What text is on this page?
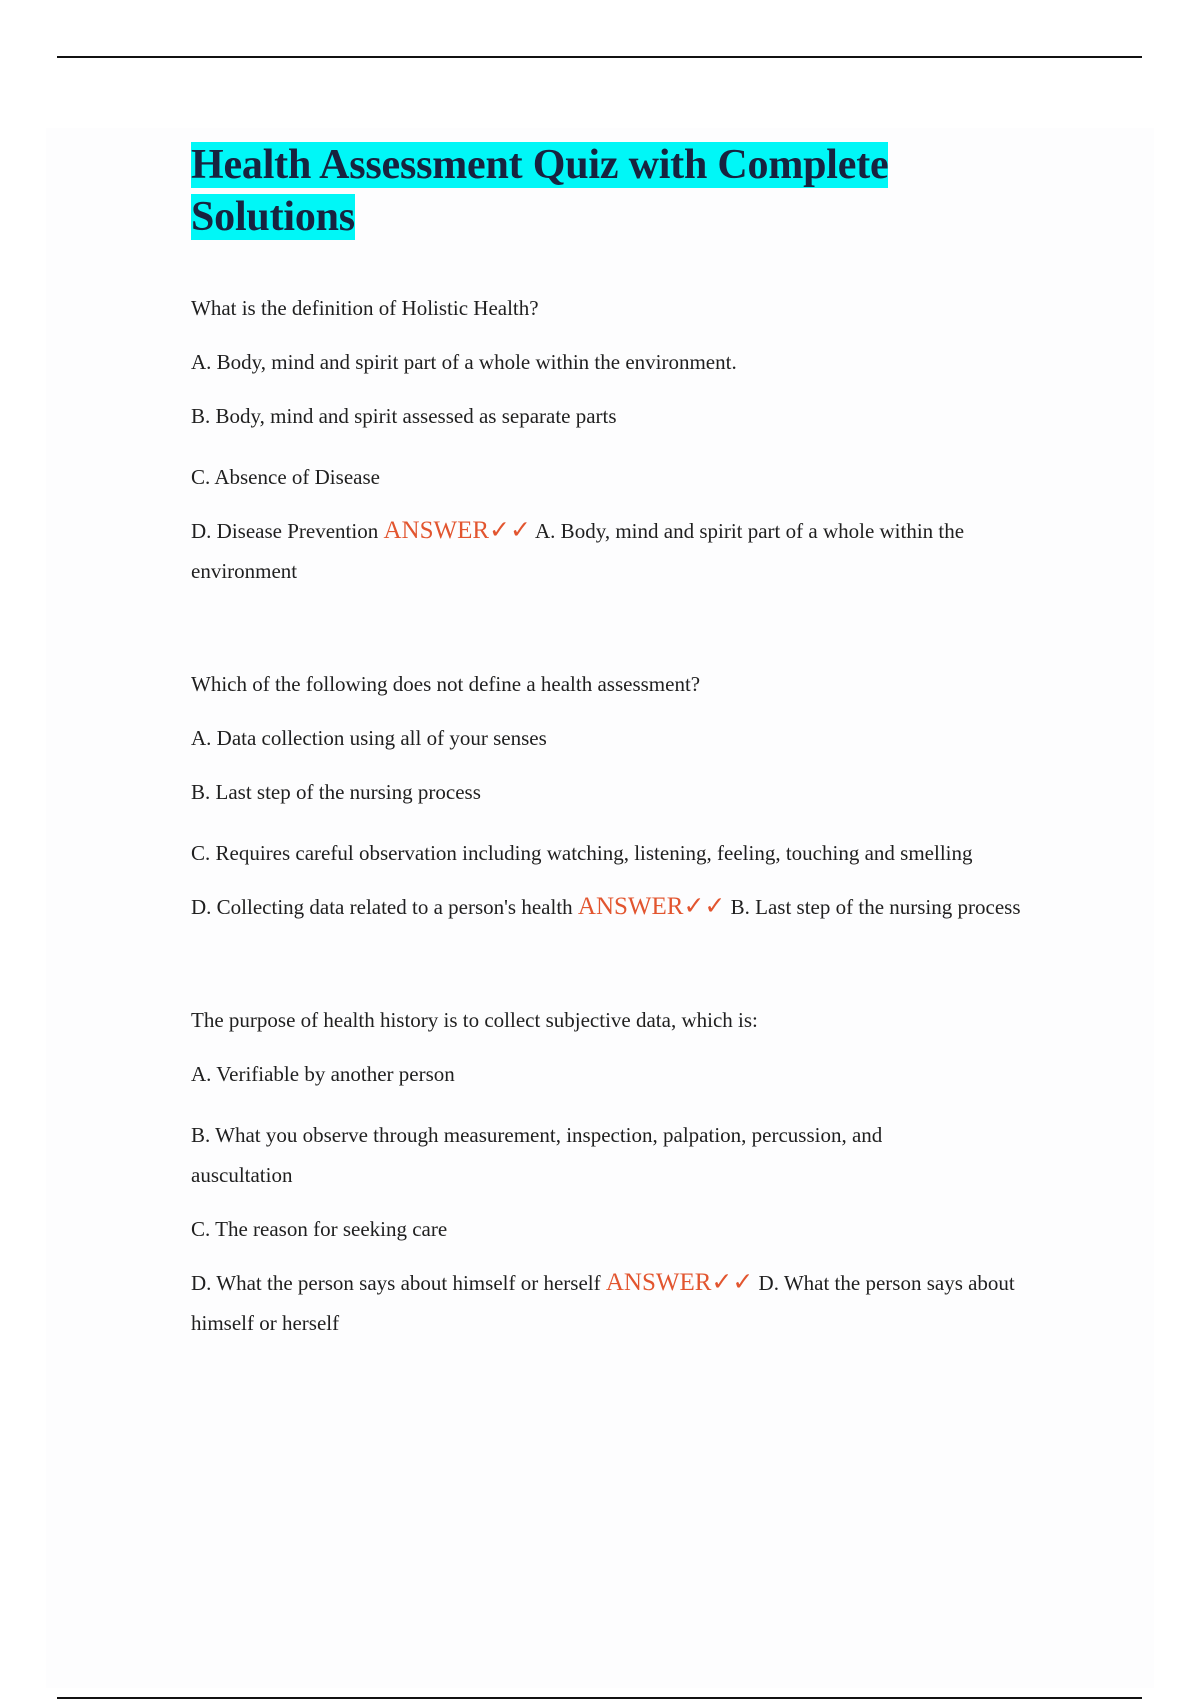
Health Assessment Quiz with Complete Solutions

What is the definition of Holistic Health?

A. Body, mind and spirit part of a whole within the environment.

B. Body, mind and spirit assessed as separate parts

C. Absence of Disease

D. Disease Prevention ANSWER✓✓ A. Body, mind and spirit part of a whole within the environment

Which of the following does not define a health assessment?

A. Data collection using all of your senses

B. Last step of the nursing process

C. Requires careful observation including watching, listening, feeling, touching and smelling

D. Collecting data related to a person's health ANSWER✓✓ B. Last step of the nursing process

The purpose of health history is to collect subjective data, which is:

A. Verifiable by another person

B. What you observe through measurement, inspection, palpation, percussion, and auscultation

C. The reason for seeking care

D. What the person says about himself or herself ANSWER✓✓ D. What the person says about himself or herself
